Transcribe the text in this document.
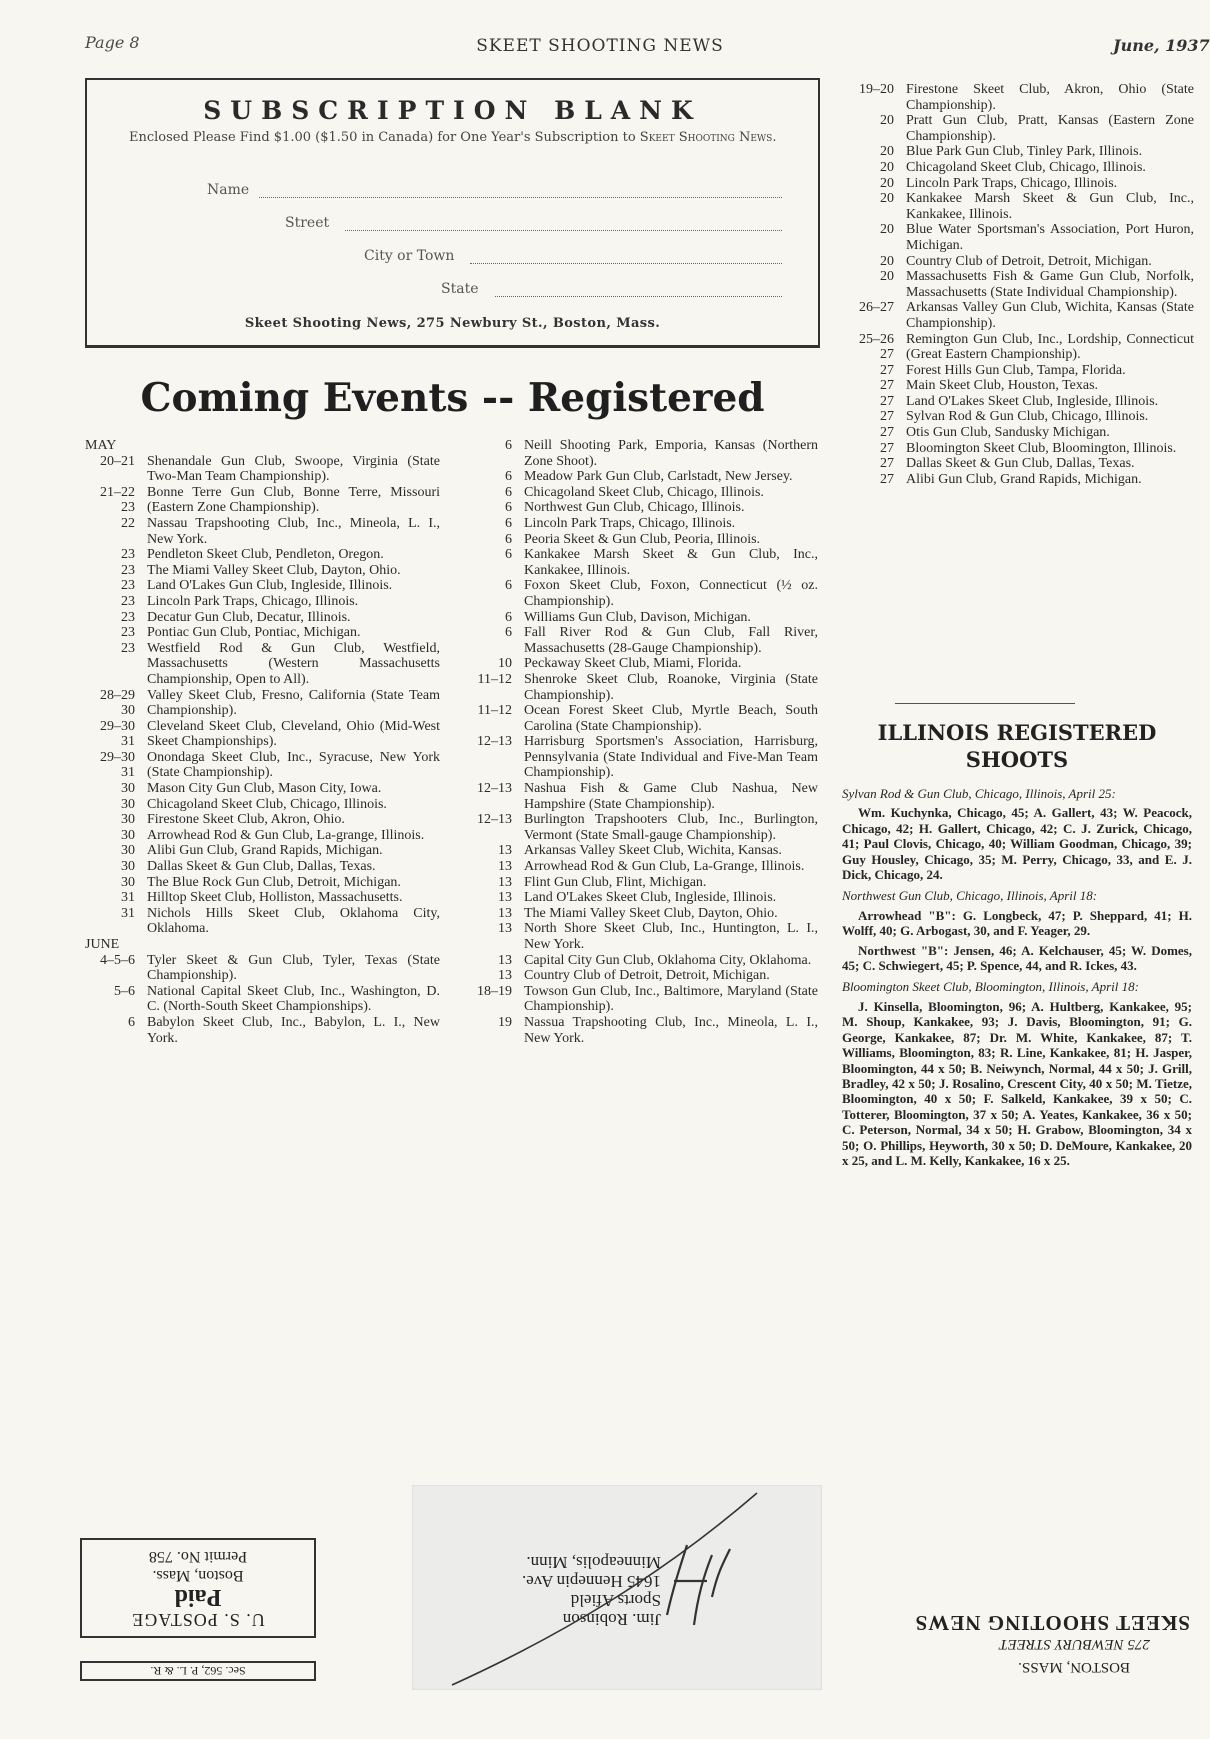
Page 8	SKEET SHOOTING NEWS	June, 1937
SUBSCRIPTION BLANK
Enclosed Please Find $1.00 ($1.50 in Canada) for One Year's Subscription to Skeet Shooting News.
Name
Street
City or Town
State
Skeet Shooting News, 275 Newbury St., Boston, Mass.
Coming Events -- Registered
MAY
20–21 Shenandale Gun Club, Swoope, Virginia (State Two-Man Team Championship).
21–22
23
Bonne Terre Gun Club, Bonne Terre, Missouri (Eastern Zone Championship).
22 Nassau Trapshooting Club, Inc., Mineola, L. I., New York.
23 Pendleton Skeet Club, Pendleton, Oregon.
23 The Miami Valley Skeet Club, Dayton, Ohio.
23 Land O'Lakes Gun Club, Ingleside, Illinois.
23 Lincoln Park Traps, Chicago, Illinois.
23 Decatur Gun Club, Decatur, Illinois.
23 Pontiac Gun Club, Pontiac, Michigan.
23 Westfield Rod & Gun Club, Westfield, Massachusetts (Western Massachusetts Championship, Open to All).
28–29
30
Valley Skeet Club, Fresno, California (State Team Championship).
29–30
31
Cleveland Skeet Club, Cleveland, Ohio (Mid-West Skeet Championships).
29–30
31
Onondaga Skeet Club, Inc., Syracuse, New York (State Championship).
30 Mason City Gun Club, Mason City, Iowa.
30 Chicagoland Skeet Club, Chicago, Illinois.
30 Firestone Skeet Club, Akron, Ohio.
30 Arrowhead Rod & Gun Club, La-grange, Illinois.
30 Alibi Gun Club, Grand Rapids, Michigan.
30 Dallas Skeet & Gun Club, Dallas, Texas.
30 The Blue Rock Gun Club, Detroit, Michigan.
31 Hilltop Skeet Club, Holliston, Massachusetts.
31 Nichols Hills Skeet Club, Oklahoma City, Oklahoma.
JUNE
4–5–6 Tyler Skeet & Gun Club, Tyler, Texas (State Championship).
5–6 National Capital Skeet Club, Inc., Washington, D. C. (North-South Skeet Championships).
6 Babylon Skeet Club, Inc., Babylon, L. I., New York.
6 Neill Shooting Park, Emporia, Kansas (Northern Zone Shoot).
6 Meadow Park Gun Club, Carlstadt, New Jersey.
6 Chicagoland Skeet Club, Chicago, Illinois.
6 Northwest Gun Club, Chicago, Illinois.
6 Lincoln Park Traps, Chicago, Illinois.
6 Peoria Skeet & Gun Club, Peoria, Illinois.
6 Kankakee Marsh Skeet & Gun Club, Inc., Kankakee, Illinois.
6 Foxon Skeet Club, Foxon, Connecticut (½ oz. Championship).
6 Williams Gun Club, Davison, Michigan.
6 Fall River Rod & Gun Club, Fall River, Massachusetts (28-Gauge Championship).
10 Peckaway Skeet Club, Miami, Florida.
11–12 Shenroke Skeet Club, Roanoke, Virginia (State Championship).
11–12 Ocean Forest Skeet Club, Myrtle Beach, South Carolina (State Championship).
12–13 Harrisburg Sportsmen's Association, Harrisburg, Pennsylvania (State Individual and Five-Man Team Championship).
12–13 Nashua Fish & Game Club Nashua, New Hampshire (State Championship).
12–13 Burlington Trapshooters Club, Inc., Burlington, Vermont (State Small-gauge Championship).
13 Arkansas Valley Skeet Club, Wichita, Kansas.
13 Arrowhead Rod & Gun Club, La-Grange, Illinois.
13 Flint Gun Club, Flint, Michigan.
13 Land O'Lakes Skeet Club, Ingleside, Illinois.
13 The Miami Valley Skeet Club, Dayton, Ohio.
13 North Shore Skeet Club, Inc., Huntington, L. I., New York.
13 Capital City Gun Club, Oklahoma City, Oklahoma.
13 Country Club of Detroit, Detroit, Michigan.
18–19 Towson Gun Club, Inc., Baltimore, Maryland (State Championship).
19 Nassua Trapshooting Club, Inc., Mineola, L. I., New York.
19–20 Firestone Skeet Club, Akron, Ohio (State Championship).
20 Pratt Gun Club, Pratt, Kansas (Eastern Zone Championship).
20 Blue Park Gun Club, Tinley Park, Illinois.
20 Chicagoland Skeet Club, Chicago, Illinois.
20 Lincoln Park Traps, Chicago, Illinois.
20 Kankakee Marsh Skeet & Gun Club, Inc., Kankakee, Illinois.
20 Blue Water Sportsman's Association, Port Huron, Michigan.
20 Country Club of Detroit, Detroit, Michigan.
20 Massachusetts Fish & Game Gun Club, Norfolk, Massachusetts (State Individual Championship).
26–27 Arkansas Valley Gun Club, Wichita, Kansas (State Championship).
25–26
27
Remington Gun Club, Inc., Lordship, Connecticut (Great Eastern Championship).
27 Forest Hills Gun Club, Tampa, Florida.
27 Main Skeet Club, Houston, Texas.
27 Land O'Lakes Skeet Club, Ingleside, Illinois.
27 Sylvan Rod & Gun Club, Chicago, Illinois.
27 Otis Gun Club, Sandusky Michigan.
27 Bloomington Skeet Club, Bloomington, Illinois.
27 Dallas Skeet & Gun Club, Dallas, Texas.
27 Alibi Gun Club, Grand Rapids, Michigan.
ILLINOIS REGISTERED SHOOTS
Sylvan Rod & Gun Club, Chicago, Illinois, April 25:
Wm. Kuchynka, Chicago, 45; A. Gallert, 43; W. Peacock, Chicago, 42; H. Gallert, Chicago, 42; C. J. Zurick, Chicago, 41; Paul Clovis, Chicago, 40; William Goodman, Chicago, 39; Guy Housley, Chicago, 35; M. Perry, Chicago, 33, and E. J. Dick, Chicago, 24.
Northwest Gun Club, Chicago, Illinois, April 18:
Arrowhead "B": G. Longbeck, 47; P. Sheppard, 41; H. Wolff, 40; G. Arbogast, 30, and F. Yeager, 29.
Northwest "B": Jensen, 46; A. Kelchauser, 45; W. Domes, 45; C. Schwiegert, 45; P. Spence, 44, and R. Ickes, 43.
Bloomington Skeet Club, Bloomington, Illinois, April 18:
J. Kinsella, Bloomington, 96; A. Hultberg, Kankakee, 95; M. Shoup, Kankakee, 93; J. Davis, Bloomington, 91; G. George, Kankakee, 87; Dr. M. White, Kankakee, 87; T. Williams, Bloomington, 83; R. Line, Kankakee, 81; H. Jasper, Bloomington, 44 x 50; B. Neiwynch, Normal, 44 x 50; J. Grill, Bradley, 42 x 50; J. Rosalino, Crescent City, 40 x 50; M. Tietze, Bloomington, 40 x 50; F. Salkeld, Kankakee, 39 x 50; C. Totterer, Bloomington, 37 x 50; A. Yeates, Kankakee, 36 x 50; C. Peterson, Normal, 34 x 50; H. Grabow, Bloomington, 34 x 50; O. Phillips, Heyworth, 30 x 50; D. DeMoure, Kankakee, 20 x 25, and L. M. Kelly, Kankakee, 16 x 25.
U. S. POSTAGE
Paid
Boston, Mass.
Permit No. 758
Sec. 562, P. L. & R.
Jim. Robinson
Sports Afield
1645 Hennepin Ave.
Minneapolis, Minn.
BOSTON, MASS.
275 NEWBURY STREET
SKEET SHOOTING NEWS
